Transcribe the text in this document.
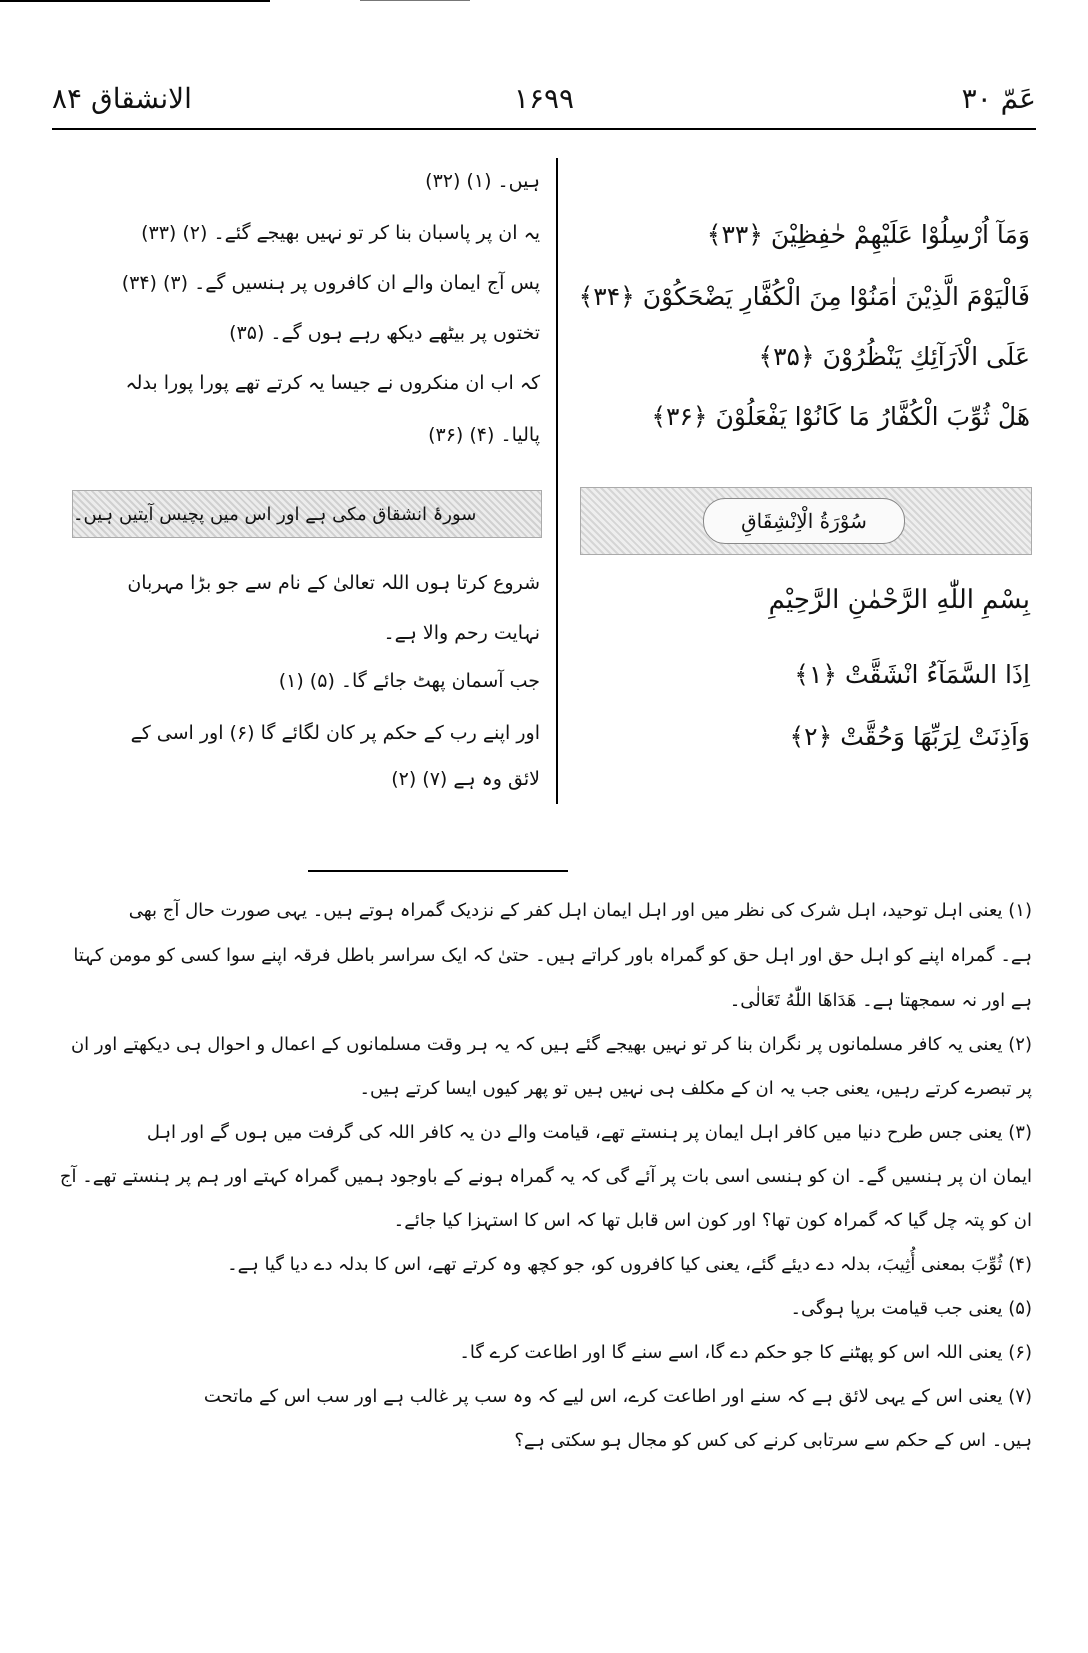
عَمّ ۳۰
۱۶۹۹
الانشقاق ۸۴
وَمَآ اُرْسِلُوْا عَلَيْهِمْ حٰفِظِيْنَ ﴿۳۳﴾
فَالْيَوْمَ الَّذِيْنَ اٰمَنُوْا مِنَ الْكُفَّارِ يَضْحَكُوْنَ ﴿۳۴﴾
عَلَى الْاَرَآئِكِ يَنْظُرُوْنَ ﴿۳۵﴾
هَلْ ثُوِّبَ الْكُفَّارُ مَا كَانُوْا يَفْعَلُوْنَ ﴿۳۶﴾
اِذَا السَّمَآءُ انْشَقَّتْ ﴿۱﴾
وَاَذِنَتْ لِرَبِّهَا وَحُقَّتْ ﴿۲﴾
سُوْرَةُ الْاِنْشِقَاقِ
بِسْمِ اللّٰهِ الرَّحْمٰنِ الرَّحِيْمِ
ہیں۔ (۱) (۳۲)
یہ ان پر پاسبان بنا کر تو نہیں بھیجے گئے۔ (۲) (۳۳)
پس آج ایمان والے ان کافروں پر ہنسیں گے۔ (۳) (۳۴)
تختوں پر بیٹھے دیکھ رہے ہوں گے۔ (۳۵)
کہ اب ان منکروں نے جیسا یہ کرتے تھے پورا پورا بدلہ
پالیا۔ (۴) (۳۶)
شروع کرتا ہوں اللہ تعالیٰ کے نام سے جو بڑا مہربان
نہایت رحم والا ہے۔
جب آسمان پھٹ جائے گا۔ (۵) (۱)
اور اپنے رب کے حکم پر کان لگائے گا (۶) اور اسی کے
لائق وہ ہے (۷) (۲)
سورۂ انشقاق مکی ہے اور اس میں پچیس آیتیں ہیں۔
(۱) یعنی اہل توحید، اہل شرک کی نظر میں اور اہل ایمان اہل کفر کے نزدیک گمراہ ہوتے ہیں۔ یہی صورت حال آج بھی
ہے۔ گمراہ اپنے کو اہل حق اور اہل حق کو گمراہ باور کراتے ہیں۔ حتیٰ کہ ایک سراسر باطل فرقہ اپنے سوا کسی کو مومن کہتا
ہے اور نہ سمجھتا ہے۔ هَدَاهَا اللّٰهُ تَعَالٰى۔
(۲) یعنی یہ کافر مسلمانوں پر نگران بنا کر تو نہیں بھیجے گئے ہیں کہ یہ ہر وقت مسلمانوں کے اعمال و احوال ہی دیکھتے اور ان
پر تبصرے کرتے رہیں، یعنی جب یہ ان کے مکلف ہی نہیں ہیں تو پھر کیوں ایسا کرتے ہیں۔
(۳) یعنی جس طرح دنیا میں کافر اہل ایمان پر ہنستے تھے، قیامت والے دن یہ کافر اللہ کی گرفت میں ہوں گے اور اہل
ایمان ان پر ہنسیں گے۔ ان کو ہنسی اسی بات پر آئے گی کہ یہ گمراہ ہونے کے باوجود ہمیں گمراہ کہتے اور ہم پر ہنستے تھے۔ آج
ان کو پتہ چل گیا کہ گمراہ کون تھا؟ اور کون اس قابل تھا کہ اس کا استہزا کیا جائے۔
(۴) ثُوِّبَ بمعنی أُثِيبَ، بدلہ دے دیئے گئے، یعنی کیا کافروں کو، جو کچھ وہ کرتے تھے، اس کا بدلہ دے دیا گیا ہے۔
(۵) یعنی جب قیامت برپا ہوگی۔
(۶) یعنی اللہ اس کو پھٹنے کا جو حکم دے گا، اسے سنے گا اور اطاعت کرے گا۔
(۷) یعنی اس کے یہی لائق ہے کہ سنے اور اطاعت کرے، اس لیے کہ وہ سب پر غالب ہے اور سب اس کے ماتحت
ہیں۔ اس کے حکم سے سرتابی کرنے کی کس کو مجال ہو سکتی ہے؟
